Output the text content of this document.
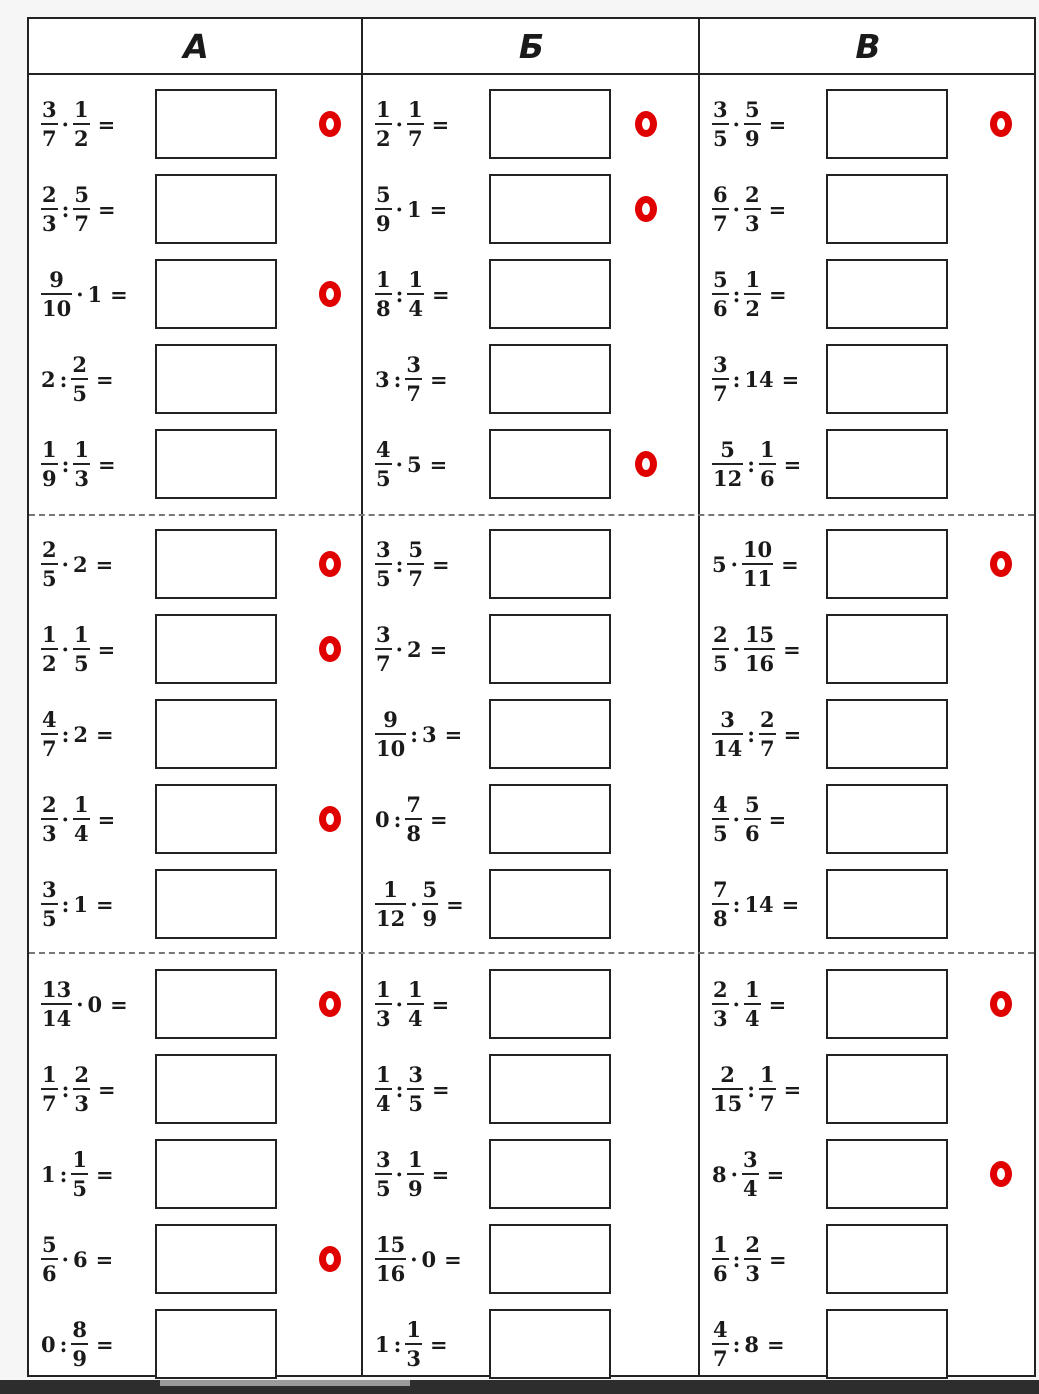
А
$\frac{3}{7} \cdot \frac{1}{2}$ =
$\frac{2}{3}$ : $\frac{5}{7}$ =
$\frac{9}{10} \cdot 1$ =
2 : $\frac{2}{5}$ =
$\frac{1}{9}$ : $\frac{1}{3}$ =
$\frac{2}{5} \cdot 2$ =
$\frac{1}{2} \cdot \frac{1}{5}$ =
$\frac{4}{7}$ : 2 =
$\frac{2}{3} \cdot \frac{1}{4}$ =
$\frac{3}{5}$ : 1 =
$\frac{13}{14} \cdot 0$ =
$\frac{1}{7}$ : $\frac{2}{3}$ =
1 : $\frac{1}{5}$ =
$\frac{5}{6} \cdot 6$ =
0 : $\frac{8}{9}$ =
Б
$\frac{1}{2} \cdot \frac{1}{7}$ =
$\frac{5}{9} \cdot 1$ =
$\frac{1}{8}$ : $\frac{1}{4}$ =
3 : $\frac{3}{7}$ =
$\frac{4}{5} \cdot 5$ =
$\frac{3}{5}$ : $\frac{5}{7}$ =
$\frac{3}{7} \cdot 2$ =
$\frac{9}{10}$ : 3 =
0 : $\frac{7}{8}$ =
$\frac{1}{12} \cdot \frac{5}{9}$ =
$\frac{1}{3} \cdot \frac{1}{4}$ =
$\frac{1}{4}$ : $\frac{3}{5}$ =
$\frac{3}{5} \cdot \frac{1}{9}$ =
$\frac{15}{16} \cdot 0$ =
1 : $\frac{1}{3}$ =
В
$\frac{3}{5} \cdot \frac{5}{9}$ =
$\frac{6}{7} \cdot \frac{2}{3}$ =
$\frac{5}{6}$ : $\frac{1}{2}$ =
$\frac{3}{7}$ : 14 =
$\frac{5}{12}$ : $\frac{1}{6}$ =
$5 \cdot \frac{10}{11}$ =
$\frac{2}{5} \cdot \frac{15}{16}$ =
$\frac{3}{14}$ : $\frac{2}{7}$ =
$\frac{4}{5} \cdot \frac{5}{6}$ =
$\frac{7}{8}$ : 14 =
$\frac{2}{3} \cdot \frac{1}{4}$ =
$\frac{2}{15}$ : $\frac{1}{7}$ =
$8 \cdot \frac{3}{4}$ =
$\frac{1}{6}$ : $\frac{2}{3}$ =
$\frac{4}{7}$ : 8 =
